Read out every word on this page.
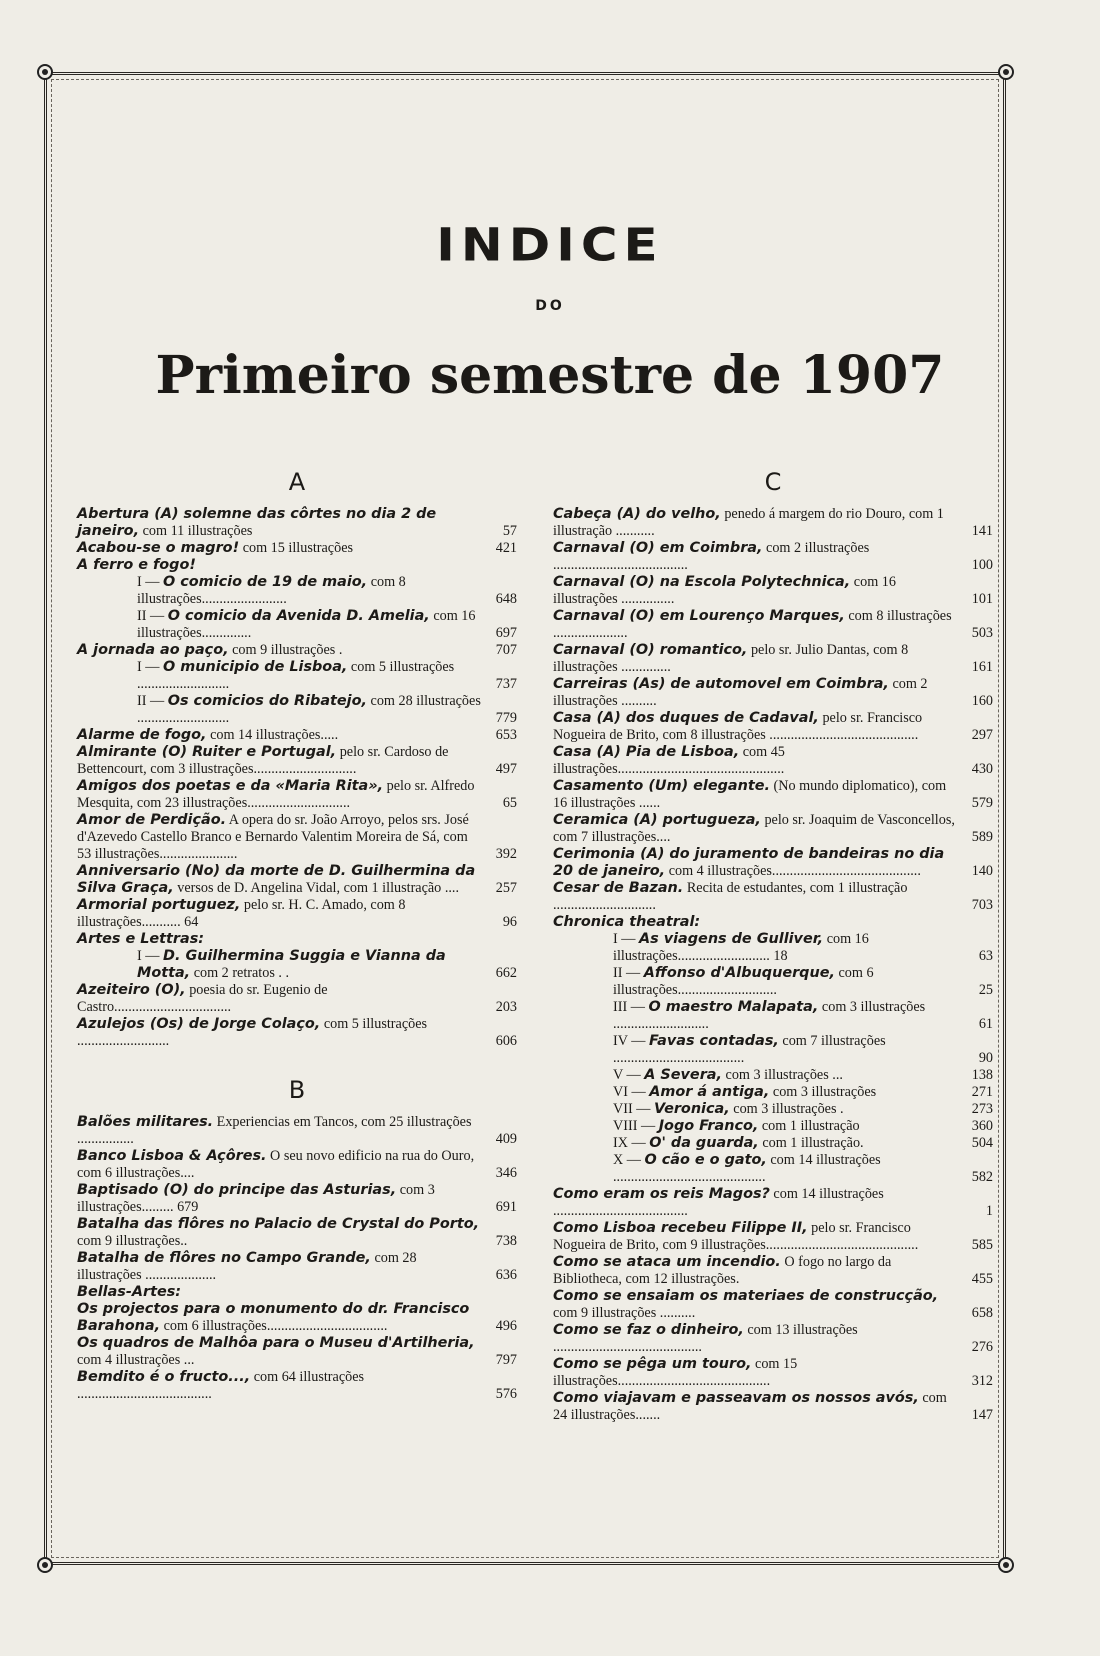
INDICE
DO
Primeiro semestre de 1907
A
Abertura (A) solemne das côrtes no dia 2 de janeiro, com 11 illustrações	57
Acabou-se o magro! com 15 illustrações	421
A ferro e fogo!
I — O comicio de 19 de maio, com 8 illustrações........................	648
II — O comicio da Avenida D. Amelia, com 16 illustrações..............	697
A jornada ao paço, com 9 illustrações .	707
I — O municipio de Lisboa, com 5 illustrações ..........................	737
II — Os comicios do Ribatejo, com 28 illustrações ..........................	779
Alarme de fogo, com 14 illustrações.....	653
Almirante (O) Ruiter e Portugal, pelo sr. Cardoso de Bettencourt, com 3 illustrações.............................	497
Amigos dos poetas e da «Maria Rita», pelo sr. Alfredo Mesquita, com 23 illustrações.............................	65
Amor de Perdição. A opera do sr. João Arroyo, pelos srs. José d'Azevedo Castello Branco e Bernardo Valentim Moreira de Sá, com 53 illustrações......................	392
Anniversario (No) da morte de D. Guilhermina da Silva Graça, versos de D. Angelina Vidal, com 1 illustração ....	257
Armorial portuguez, pelo sr. H. C. Amado, com 8 illustrações........... 64	96
Artes e Lettras:
I — D. Guilhermina Suggia e Vianna da Motta, com 2 retratos . .	662
Azeiteiro (O), poesia do sr. Eugenio de Castro.................................	203
Azulejos (Os) de Jorge Colaço, com 5 illustrações ..........................	606
B
Balões militares. Experiencias em Tancos, com 25 illustrações ................	409
Banco Lisboa & Açôres. O seu novo edificio na rua do Ouro, com 6 illustrações....	346
Baptisado (O) do principe das Asturias, com 3 illustrações......... 679	691
Batalha das flôres no Palacio de Crystal do Porto, com 9 illustrações..	738
Batalha de flôres no Campo Grande, com 28 illustrações ....................	636
Bellas-Artes:
Os projectos para o monumento do dr. Francisco Barahona, com 6 illustrações..................................	496
Os quadros de Malhôa para o Museu d'Artilheria, com 4 illustrações ...	797
Bemdito é o fructo..., com 64 illustrações ......................................	576
C
Cabeça (A) do velho, penedo á margem do rio Douro, com 1 illustração ...........	141
Carnaval (O) em Coimbra, com 2 illustrações ......................................	100
Carnaval (O) na Escola Polytechnica, com 16 illustrações ...............	101
Carnaval (O) em Lourenço Marques, com 8 illustrações .....................	503
Carnaval (O) romantico, pelo sr. Julio Dantas, com 8 illustrações ..............	161
Carreiras (As) de automovel em Coimbra, com 2 illustrações ..........	160
Casa (A) dos duques de Cadaval, pelo sr. Francisco Nogueira de Brito, com 8 illustrações ..........................................	297
Casa (A) Pia de Lisboa, com 45 illustrações...............................................	430
Casamento (Um) elegante. (No mundo diplomatico), com 16 illustrações ......	579
Ceramica (A) portugueza, pelo sr. Joaquim de Vasconcellos, com 7 illustrações....	589
Cerimonia (A) do juramento de bandeiras no dia 20 de janeiro, com 4 illustrações..........................................	140
Cesar de Bazan. Recita de estudantes, com 1 illustração .............................	703
Chronica theatral:
I — As viagens de Gulliver, com 16 illustrações.......................... 18	63
II — Affonso d'Albuquerque, com 6 illustrações............................	25
III — O maestro Malapata, com 3 illustrações ...........................	61
IV — Favas contadas, com 7 illustrações .....................................	90
V — A Severa, com 3 illustrações ...	138
VI — Amor á antiga, com 3 illustrações	271
VII — Veronica, com 3 illustrações .	273
VIII — Jogo Franco, com 1 illustração	360
IX — O' da guarda, com 1 illustração.	504
X — O cão e o gato, com 14 illustrações ...........................................	582
Como eram os reis Magos? com 14 illustrações ......................................	1
Como Lisboa recebeu Filippe II, pelo sr. Francisco Nogueira de Brito, com 9 illustrações...........................................	585
Como se ataca um incendio. O fogo no largo da Bibliotheca, com 12 illustrações.	455
Como se ensaiam os materiaes de construcção, com 9 illustrações ..........	658
Como se faz o dinheiro, com 13 illustrações ..........................................	276
Como se pêga um touro, com 15 illustrações...........................................	312
Como viajavam e passeavam os nossos avós, com 24 illustrações.......	147
